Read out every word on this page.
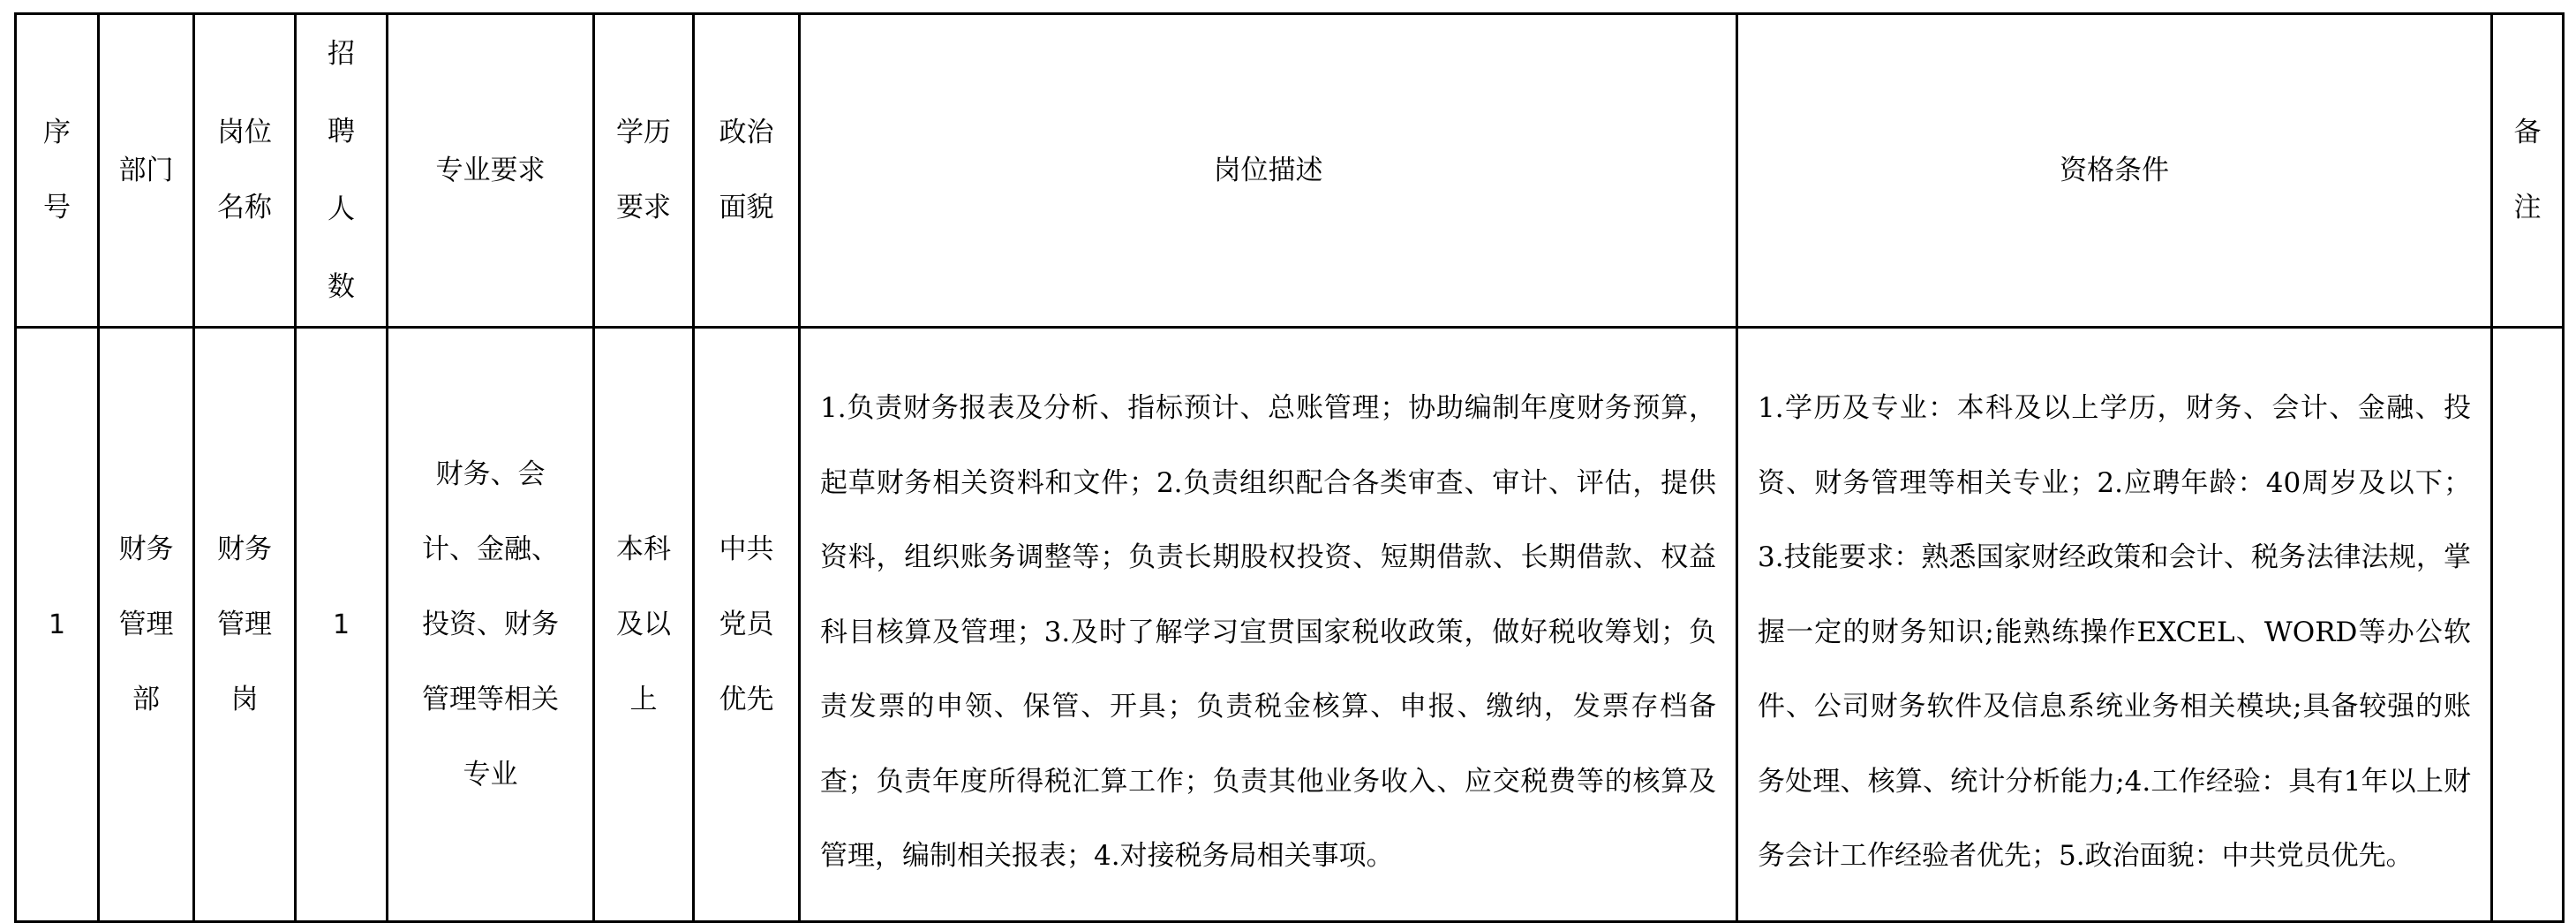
序号	部门	岗位名称	招聘人数	专业要求	学历要求	政治面貌	岗位描述	资格条件	备注
1	财务管理部	财务管理岗	1	财务、会计、金融、投资、财务管理等相关专业	本科及以上	中共党员优先	1.负责财务报表及分析、指标预计、总账管理；协助编制年度财务预算，起草财务相关资料和文件；2.负责组织配合各类审查、审计、评估，提供资料，组织账务调整等；负责长期股权投资、短期借款、长期借款、权益科目核算及管理；3.及时了解学习宣贯国家税收政策，做好税收筹划；负责发票的申领、保管、开具；负责税金核算、申报、缴纳，发票存档备查；负责年度所得税汇算工作；负责其他业务收入、应交税费等的核算及管理，编制相关报表；4.对接税务局相关事项。	1.学历及专业：本科及以上学历，财务、会计、金融、投资、财务管理等相关专业；2.应聘年龄：40周岁及以下；3.技能要求：熟悉国家财经政策和会计、税务法律法规，掌握一定的财务知识;能熟练操作EXCEL、WORD等办公软件、公司财务软件及信息系统业务相关模块;具备较强的账务处理、核算、统计分析能力;4.工作经验：具有1年以上财务会计工作经验者优先；5.政治面貌：中共党员优先。	
